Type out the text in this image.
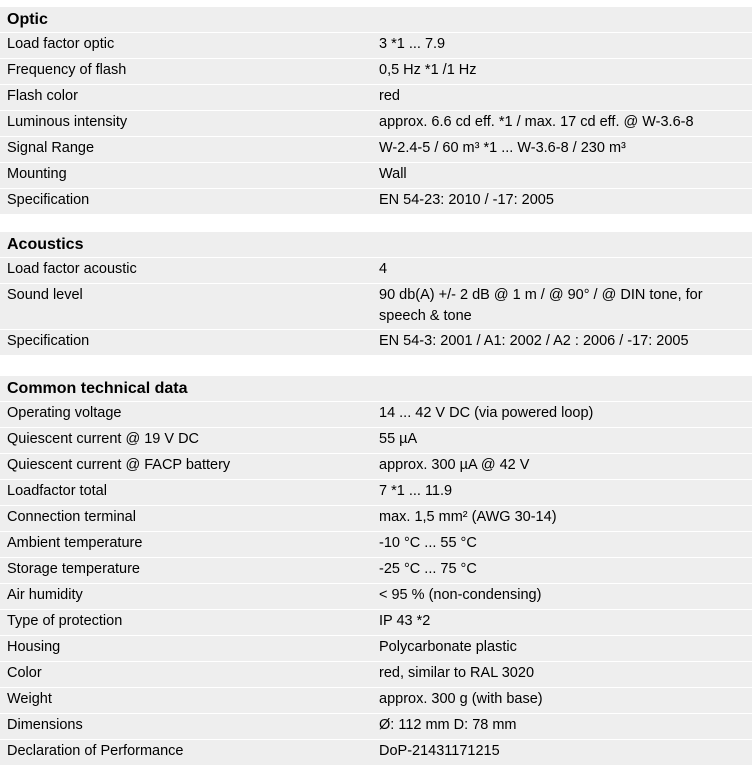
Optic
Load factor optic	3 *1 ... 7.9
Frequency of flash	0,5 Hz *1 /1 Hz
Flash color	red
Luminous intensity	approx. 6.6 cd eff. *1 / max. 17 cd eff. @ W-3.6-8
Signal Range	W-2.4-5 / 60 m³ *1 ... W-3.6-8 / 230 m³
Mounting	Wall
Specification	EN 54-23: 2010 / -17: 2005
Acoustics
Load factor acoustic	4
Sound level	90 db(A) +/- 2 dB @ 1 m / @ 90° / @ DIN tone, for speech & tone
Specification	EN 54-3: 2001 / A1: 2002 / A2 : 2006 / -17: 2005
Common technical data
Operating voltage	14 ... 42 V DC (via powered loop)
Quiescent current @ 19 V DC	55 µA
Quiescent current @ FACP battery	approx. 300 µA @ 42 V
Loadfactor total	7 *1 ... 11.9
Connection terminal	max. 1,5 mm² (AWG 30-14)
Ambient temperature	-10 °C ... 55 °C
Storage temperature	-25 °C ... 75 °C
Air humidity	< 95 % (non-condensing)
Type of protection	IP 43 *2
Housing	Polycarbonate plastic
Color	red, similar to RAL 3020
Weight	approx. 300 g (with base)
Dimensions	Ø: 112 mm D: 78 mm
Declaration of Performance	DoP-21431171215
